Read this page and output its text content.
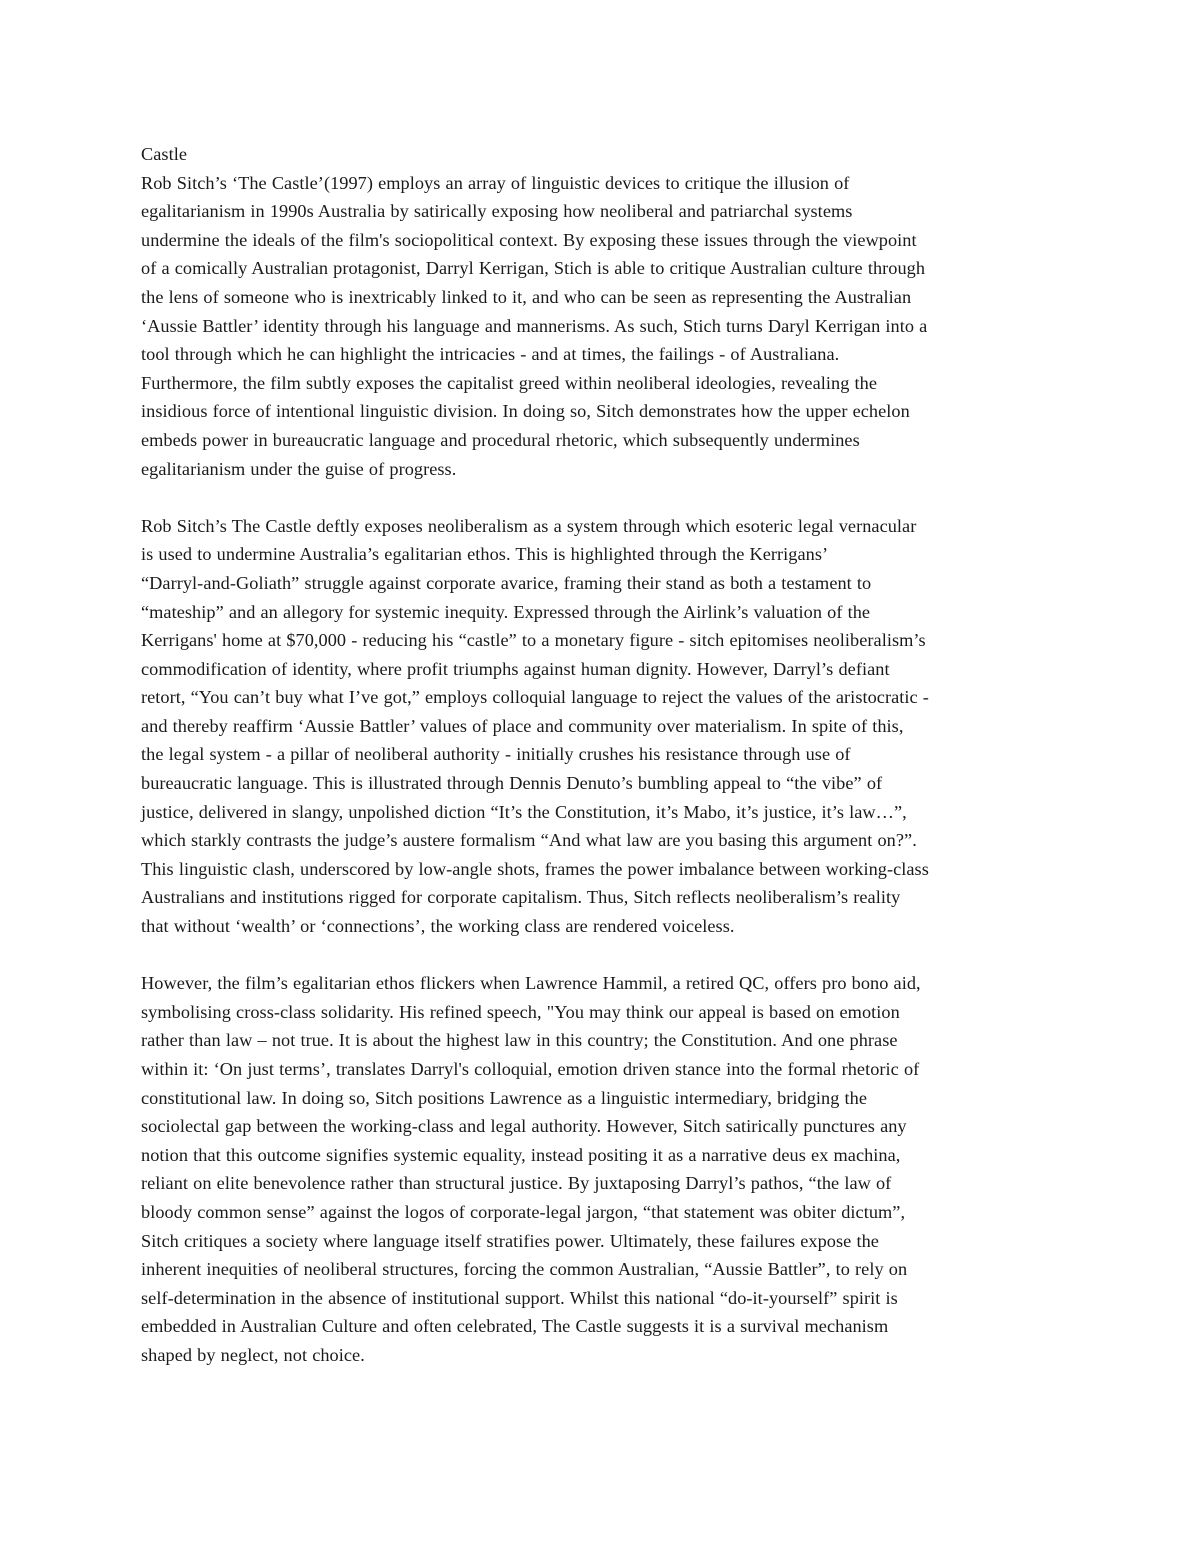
Castle
Rob Sitch’s ‘The Castle’(1997) employs an array of linguistic devices to critique the illusion of
egalitarianism in 1990s Australia by satirically exposing how neoliberal and patriarchal systems
undermine the ideals of the film's sociopolitical context. By exposing these issues through the viewpoint
of a comically Australian protagonist, Darryl Kerrigan, Stich is able to critique Australian culture through
the lens of someone who is inextricably linked to it, and who can be seen as representing the Australian
‘Aussie Battler’ identity through his language and mannerisms. As such, Stich turns Daryl Kerrigan into a
tool through which he can highlight the intricacies - and at times, the failings - of Australiana.
Furthermore, the film subtly exposes the capitalist greed within neoliberal ideologies, revealing the
insidious force of intentional linguistic division. In doing so, Sitch demonstrates how the upper echelon
embeds power in bureaucratic language and procedural rhetoric, which subsequently undermines
egalitarianism under the guise of progress.
Rob Sitch’s The Castle deftly exposes neoliberalism as a system through which esoteric legal vernacular
is used to undermine Australia’s egalitarian ethos. This is highlighted through the Kerrigans’
“Darryl-and-Goliath” struggle against corporate avarice, framing their stand as both a testament to
“mateship” and an allegory for systemic inequity. Expressed through the Airlink’s valuation of the
Kerrigans' home at $70,000 - reducing his “castle” to a monetary figure - sitch epitomises neoliberalism’s
commodification of identity, where profit triumphs against human dignity. However, Darryl’s defiant
retort, “You can’t buy what I’ve got,” employs colloquial language to reject the values of the aristocratic -
and thereby reaffirm ‘Aussie Battler’ values of place and community over materialism. In spite of this,
the legal system - a pillar of neoliberal authority - initially crushes his resistance through use of
bureaucratic language. This is illustrated through Dennis Denuto’s bumbling appeal to “the vibe” of
justice, delivered in slangy, unpolished diction “It’s the Constitution, it’s Mabo, it’s justice, it’s law…”,
which starkly contrasts the judge’s austere formalism “And what law are you basing this argument on?”.
This linguistic clash, underscored by low-angle shots, frames the power imbalance between working-class
Australians and institutions rigged for corporate capitalism. Thus, Sitch reflects neoliberalism’s reality
that without ‘wealth’ or ‘connections’, the working class are rendered voiceless.
However, the film’s egalitarian ethos flickers when Lawrence Hammil, a retired QC, offers pro bono aid,
symbolising cross-class solidarity. His refined speech, "You may think our appeal is based on emotion
rather than law – not true. It is about the highest law in this country; the Constitution. And one phrase
within it: ‘On just terms’, translates Darryl's colloquial, emotion driven stance into the formal rhetoric of
constitutional law. In doing so, Sitch positions Lawrence as a linguistic intermediary, bridging the
sociolectal gap between the working-class and legal authority. However, Sitch satirically punctures any
notion that this outcome signifies systemic equality, instead positing it as a narrative deus ex machina,
reliant on elite benevolence rather than structural justice. By juxtaposing Darryl’s pathos, “the law of
bloody common sense” against the logos of corporate-legal jargon, “that statement was obiter dictum”,
Sitch critiques a society where language itself stratifies power. Ultimately, these failures expose the
inherent inequities of neoliberal structures, forcing the common Australian, “Aussie Battler”, to rely on
self-determination in the absence of institutional support. Whilst this national “do-it-yourself” spirit is
embedded in Australian Culture and often celebrated, The Castle suggests it is a survival mechanism
shaped by neglect, not choice.
